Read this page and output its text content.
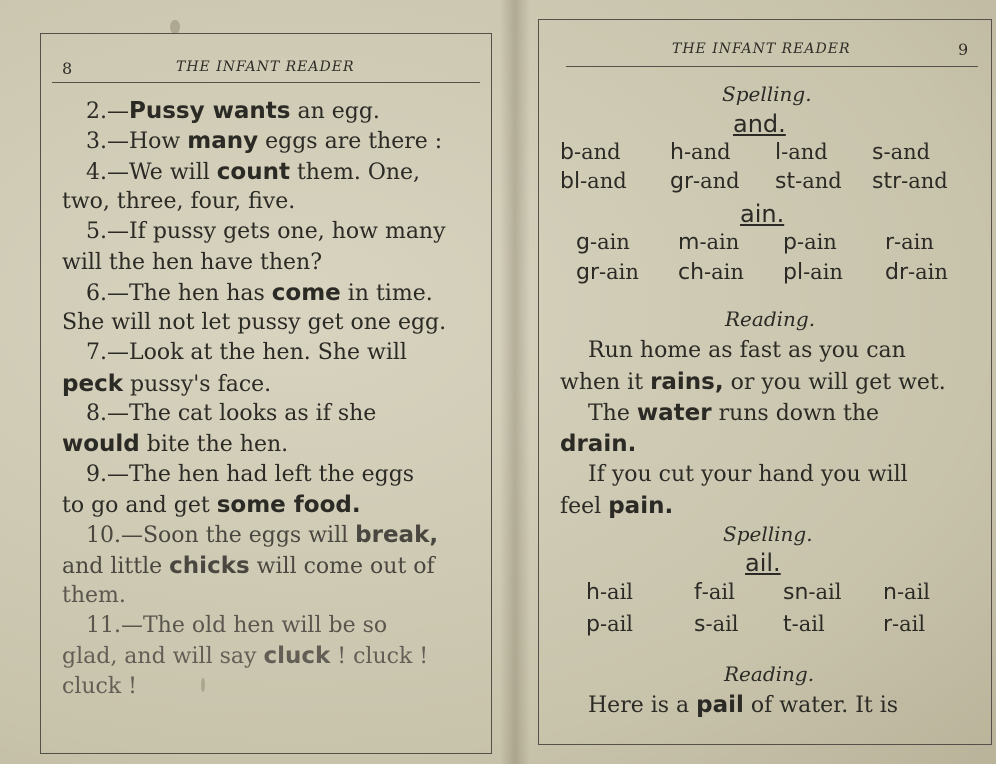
8	THE INFANT READER
2.—Pussy wants an egg.
3.—How many eggs are there :
4.—We will count them. One,
two, three, four, five.
5.—If pussy gets one, how many
will the hen have then?
6.—The hen has come in time.
She will not let pussy get one egg.
7.—Look at the hen. She will
peck pussy's face.
8.—The cat looks as if she
would bite the hen.
9.—The hen had left the eggs
to go and get some food.
10.—Soon the eggs will break,
and little chicks will come out of
them.
11.—The old hen will be so
glad, and will say cluck ! cluck !
cluck !
THE INFANT READER	9
Spelling.
and.
b-and h-and l-and s-and
bl-and gr-and st-and str-and
ain.
g-ain m-ain p-ain r-ain
gr-ain ch-ain pl-ain dr-ain
Reading.
Run home as fast as you can
when it rains, or you will get wet.
The water runs down the
drain.
If you cut your hand you will
feel pain.
Spelling.
ail.
h-ail	f-ail sn-ail n-ail
p-ail	s-ail t-ail	r-ail
Reading.
Here is a pail of water. It is
